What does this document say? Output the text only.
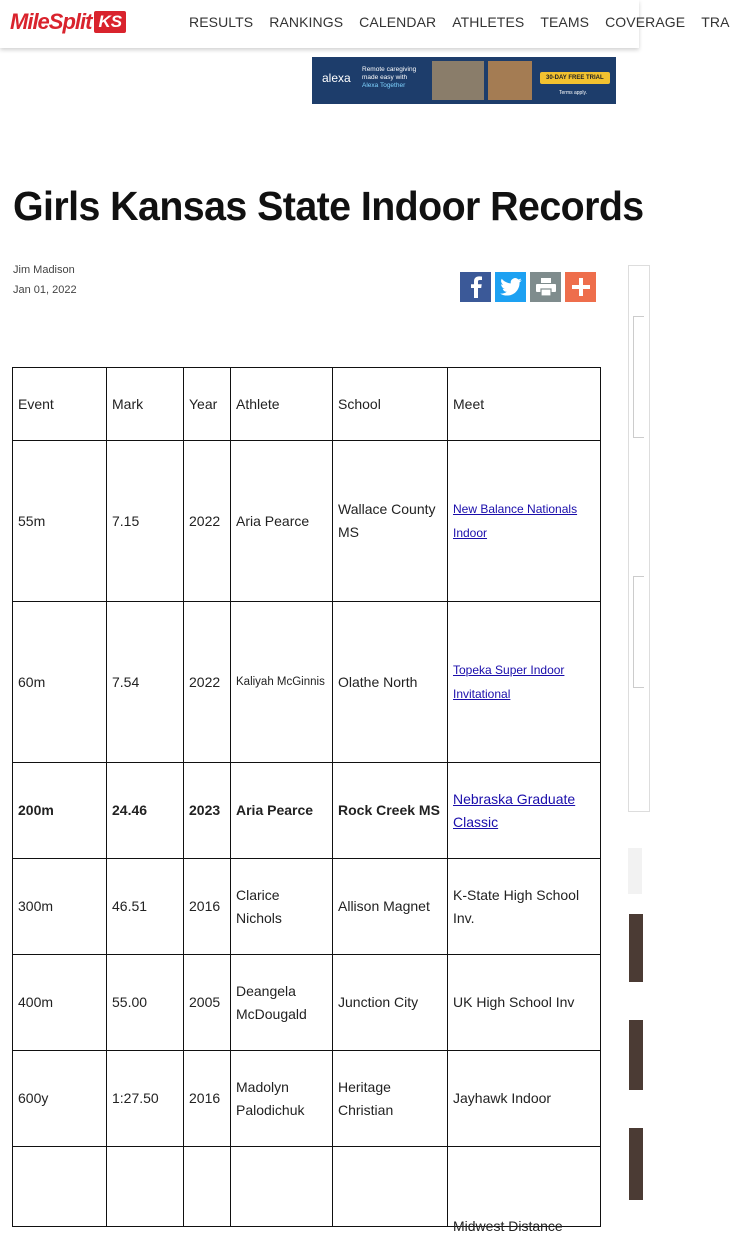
MileSplit KS	RESULTS RANKINGS CALENDAR ATHLETES TEAMS COVERAGE TRA
alexa
Remote caregiving
made easy with
Alexa Together
30-DAY FREE TRIAL
Terms apply.
Girls Kansas State Indoor Records
Jim Madison
Jan 01, 2022
Event	Mark	Year	Athlete	School	Meet
55m	7.15	2022	Aria Pearce	Wallace County MS	New Balance Nationals Indoor
60m	7.54	2022	Kaliyah McGinnis	Olathe North	Topeka Super Indoor Invitational
200m	24.46	2023	Aria Pearce	Rock Creek MS	Nebraska Graduate Classic
300m	46.51	2016	Clarice Nichols	Allison Magnet	K-State High School Inv.
400m	55.00	2005	Deangela McDougald	Junction City	UK High School Inv
600y	1:27.50	2016	Madolyn Palodichuk	Heritage Christian	Jayhawk Indoor

					Midwest Distance
